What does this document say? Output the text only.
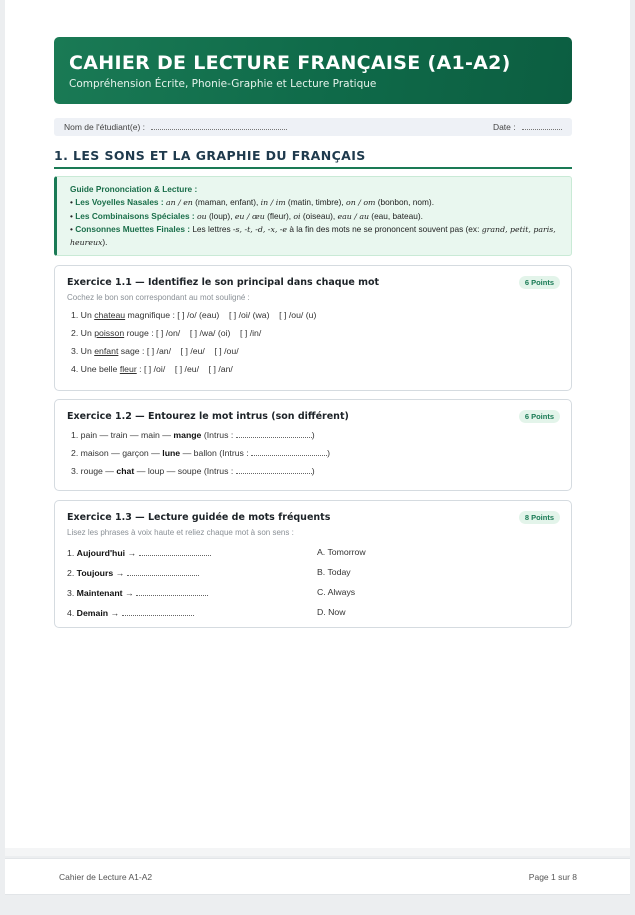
CAHIER DE LECTURE FRANÇAISE (A1-A2)
Compréhension Écrite, Phonie-Graphie et Lecture Pratique
Nom de l'étudiant(e) :	Date :
1. LES SONS ET LA GRAPHIE DU FRANÇAIS
Guide Prononciation & Lecture :
• Les Voyelles Nasales : an / en (maman, enfant), in / im (matin, timbre), on / om (bonbon, nom).
• Les Combinaisons Spéciales : ou (loup), eu / œu (fleur), oi (oiseau), eau / au (eau, bateau).
• Consonnes Muettes Finales : Les lettres -s, -t, -d, -x, -e à la fin des mots ne se prononcent souvent pas (ex: grand, petit, paris, heureux).
Exercice 1.1 — Identifiez le son principal dans chaque mot	6 Points
Cochez le bon son correspondant au mot souligné :
1. Un chateau magnifique : [ ] /o/ (eau)    [ ] /oi/ (wa)    [ ] /ou/ (u)
2. Un poisson rouge : [ ] /on/    [ ] /wa/ (oi)    [ ] /in/
3. Un enfant sage : [ ] /an/    [ ] /eu/    [ ] /ou/
4. Une belle fleur : [ ] /oi/    [ ] /eu/    [ ] /an/
Exercice 1.2 — Entourez le mot intrus (son différent)	6 Points
1. pain — train — main — mange (Intrus :	)
2. maison — garçon — lune — ballon (Intrus :	)
3. rouge — chat — loup — soupe (Intrus :	)
Exercice 1.3 — Lecture guidée de mots fréquents	8 Points
Lisez les phrases à voix haute et reliez chaque mot à son sens :
1. Aujourd'hui →	A. Tomorrow
2. Toujours →	B. Today
3. Maintenant →	C. Always
4. Demain →	D. Now
Cahier de Lecture A1-A2	Page 1 sur 8
